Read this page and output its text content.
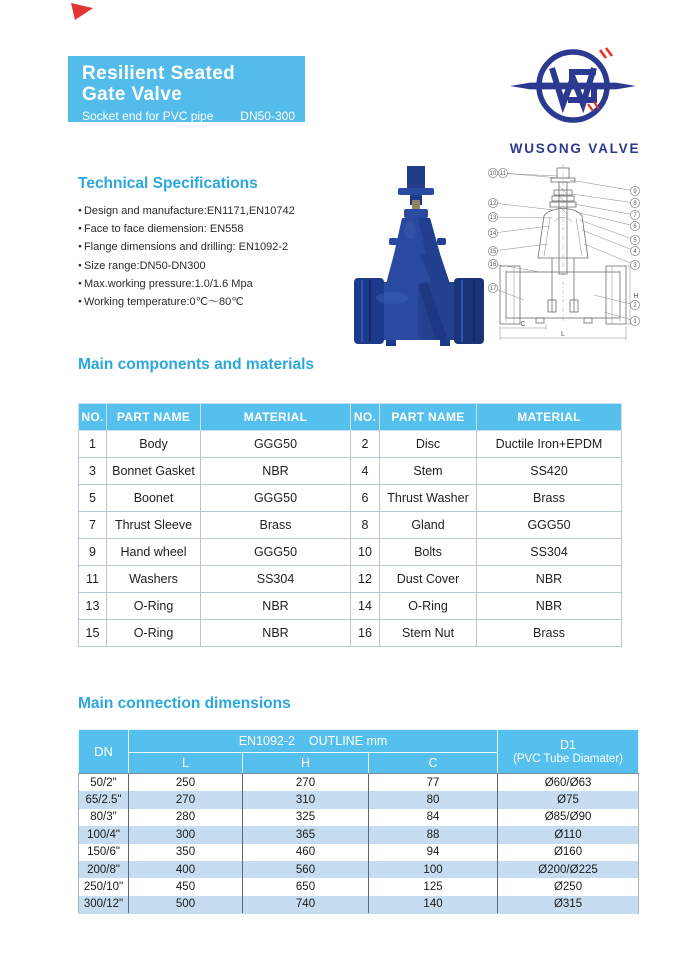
Resilient Seated
Gate Valve
Socket end for PVC pipe DN50-300
WUSONG VALVE
Technical Specifications
● Design and manufacture:EN1171,EN10742
● Face to face diemension: EN558
● Flange dimensions and drilling: EN1092-2
● Size range:DN50-DN300
● Max.working pressure:1.0/1.6 Mpa
● Working temperature:0℃～80℃
C
L
H
10 11
12
13
14
15
16
17
9
8
7
6
5
4
3
2
1
Main components and materials
NO.	PART NAME	MATERIAL	NO.	PART NAME	MATERIAL
1	Body	GGG50	2	Disc	Ductile Iron+EPDM
3	Bonnet Gasket	NBR	4	Stem	SS420
5	Boonet	GGG50	6	Thrust Washer	Brass
7	Thrust Sleeve	Brass	8	Gland	GGG50
9	Hand wheel	GGG50	10	Bolts	SS304
11	Washers	SS304	12	Dust Cover	NBR
13	O-Ring	NBR	14	O-Ring	NBR
15	O-Ring	NBR	16	Stem Nut	Brass
Main connection dimensions
DN	EN1092-2    OUTLINE mm			D1
(PVC Tube Diamater)

	L	H	C	
50/2"	250	270	77	Ø60/Ø63
65/2.5"	270	310	80	Ø75
80/3"	280	325	84	Ø85/Ø90
100/4"	300	365	88	Ø110
150/6"	350	460	94	Ø160
200/8"	400	560	100	Ø200/Ø225
250/10"	450	650	125	Ø250
300/12"	500	740	140	Ø315
